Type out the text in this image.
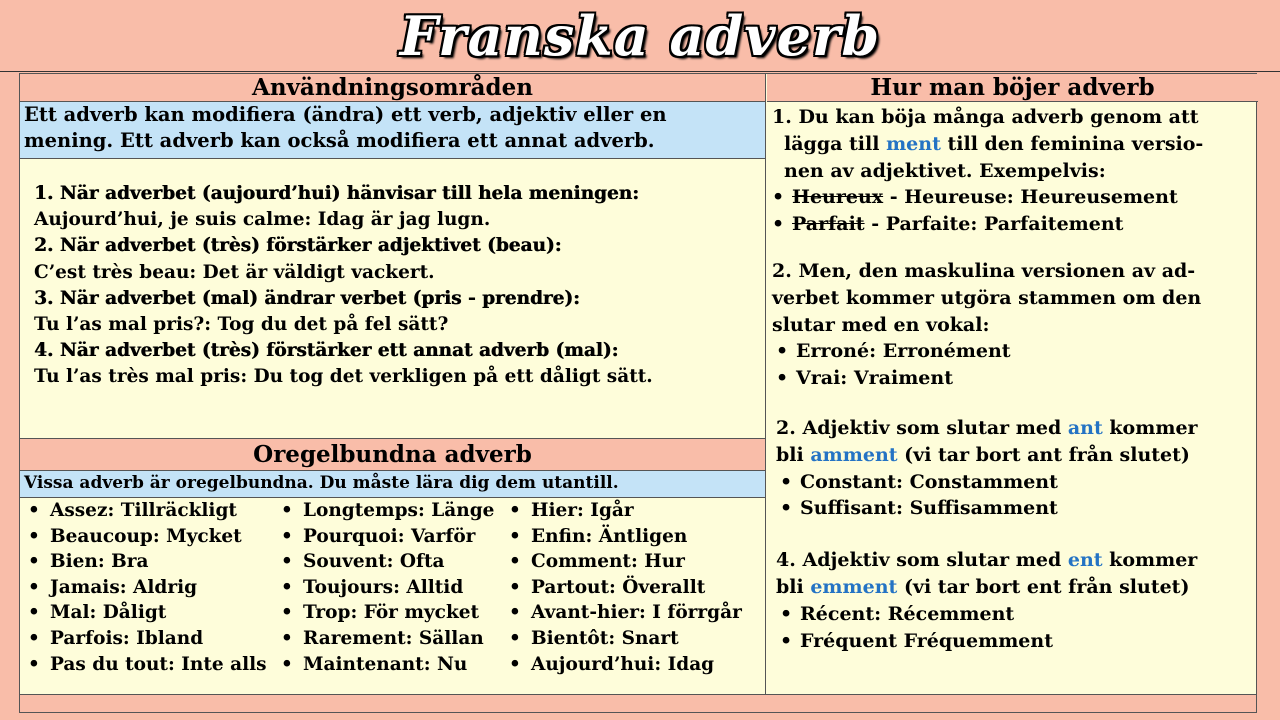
Franska adverb
Användningsområden
Ett adverb kan modifiera (ändra) ett verb, adjektiv eller en
mening. Ett adverb kan också modifiera ett annat adverb.
1. När adverbet (aujourd’hui) hänvisar till hela meningen:
Aujourd’hui, je suis calme: Idag är jag lugn.
2. När adverbet (très) förstärker adjektivet (beau):
C’est très beau: Det är väldigt vackert.
3. När adverbet (mal) ändrar verbet (pris - prendre):
Tu l’as mal pris?: Tog du det på fel sätt?
4. När adverbet (très) förstärker ett annat adverb (mal):
Tu l’as très mal pris: Du tog det verkligen på ett dåligt sätt.
Oregelbundna adverb
Vissa adverb är oregelbundna. Du måste lära dig dem utantill.
• Assez: Tillräckligt
• Beaucoup: Mycket
• Bien: Bra
• Jamais: Aldrig
• Mal: Dåligt
• Parfois: Ibland
• Pas du tout: Inte alls
• Longtemps: Länge
• Pourquoi: Varför
• Souvent: Ofta
• Toujours: Alltid
• Trop: För mycket
• Rarement: Sällan
• Maintenant: Nu
• Hier: Igår
• Enfin: Äntligen
• Comment: Hur
• Partout: Överallt
• Avant-hier: I förrgår
• Bientôt: Snart
• Aujourd’hui: Idag
Hur man böjer adverb
1. Du kan böja många adverb genom att
lägga till ment till den feminina versio-
nen av adjektivet. Exempelvis:
• Heureux - Heureuse: Heureusement
• Parfait - Parfaite: Parfaitement
2. Men, den maskulina versionen av ad-
verbet kommer utgöra stammen om den
slutar med en vokal:
• Erroné: Erronément
• Vrai: Vraiment
2. Adjektiv som slutar med ant kommer
bli amment (vi tar bort ant från slutet)
• Constant: Constamment
• Suffisant: Suffisamment
4. Adjektiv som slutar med ent kommer
bli emment (vi tar bort ent från slutet)
• Récent: Récemment
• Fréquent Fréquemment
